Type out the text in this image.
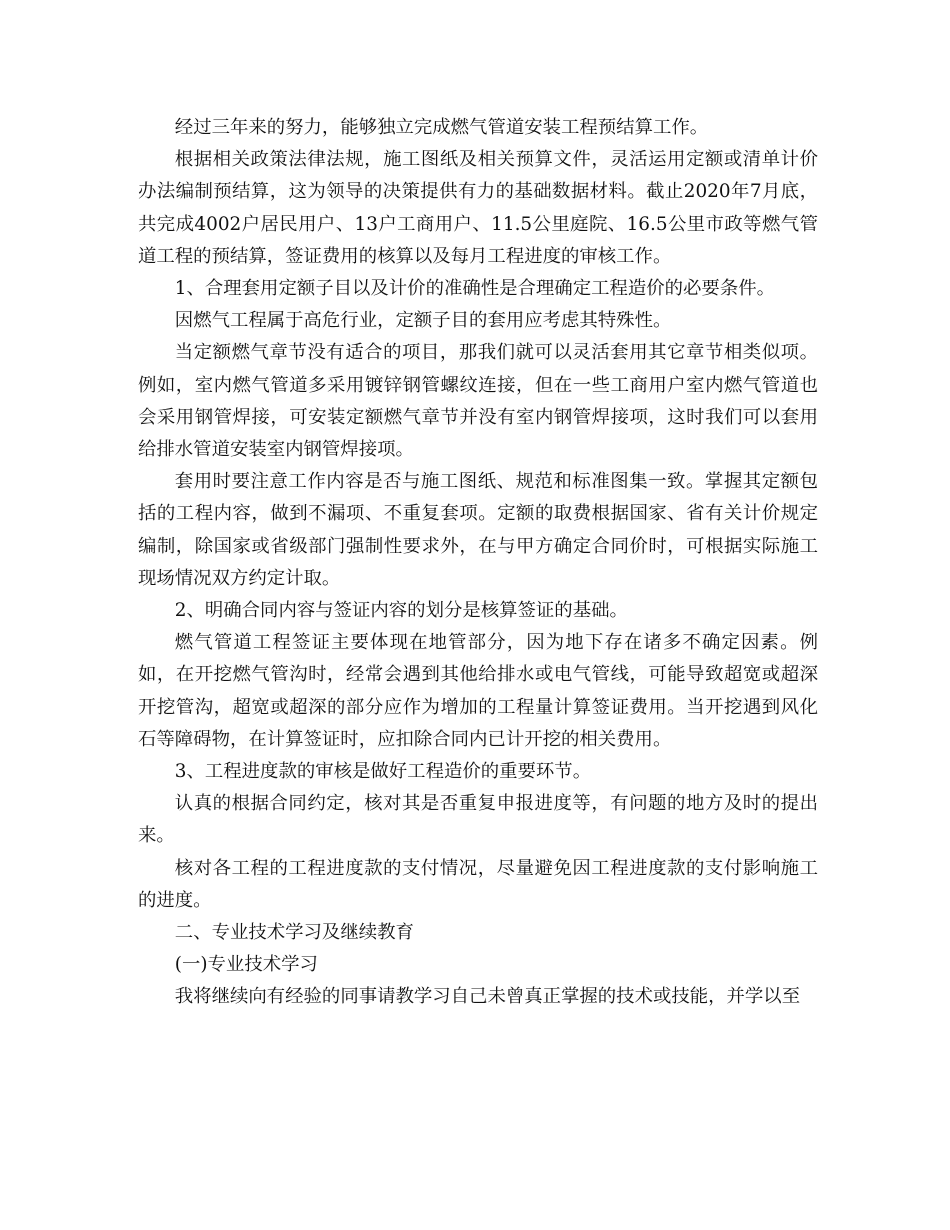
经过三年来的努力，能够独立完成燃气管道安装工程预结算工作。

根据相关政策法律法规，施工图纸及相关预算文件，灵活运用定额或清单计价办法编制预结算，这为领导的决策提供有力的基础数据材料。截止2020年7月底，共完成4002户居民用户、13户工商用户、11.5公里庭院、16.5公里市政等燃气管道工程的预结算，签证费用的核算以及每月工程进度的审核工作。

1、合理套用定额子目以及计价的准确性是合理确定工程造价的必要条件。

因燃气工程属于高危行业，定额子目的套用应考虑其特殊性。

当定额燃气章节没有适合的项目，那我们就可以灵活套用其它章节相类似项。例如，室内燃气管道多采用镀锌钢管螺纹连接，但在一些工商用户室内燃气管道也会采用钢管焊接，可安装定额燃气章节并没有室内钢管焊接项，这时我们可以套用给排水管道安装室内钢管焊接项。

套用时要注意工作内容是否与施工图纸、规范和标准图集一致。掌握其定额包括的工程内容，做到不漏项、不重复套项。定额的取费根据国家、省有关计价规定编制，除国家或省级部门强制性要求外，在与甲方确定合同价时，可根据实际施工现场情况双方约定计取。

2、明确合同内容与签证内容的划分是核算签证的基础。

燃气管道工程签证主要体现在地管部分，因为地下存在诸多不确定因素。例如，在开挖燃气管沟时，经常会遇到其他给排水或电气管线，可能导致超宽或超深开挖管沟，超宽或超深的部分应作为增加的工程量计算签证费用。当开挖遇到风化石等障碍物，在计算签证时，应扣除合同内已计开挖的相关费用。

3、工程进度款的审核是做好工程造价的重要环节。

认真的根据合同约定，核对其是否重复申报进度等，有问题的地方及时的提出来。

核对各工程的工程进度款的支付情况，尽量避免因工程进度款的支付影响施工的进度。

二、专业技术学习及继续教育

(一)专业技术学习

我将继续向有经验的同事请教学习自己未曾真正掌握的技术或技能，并学以至
